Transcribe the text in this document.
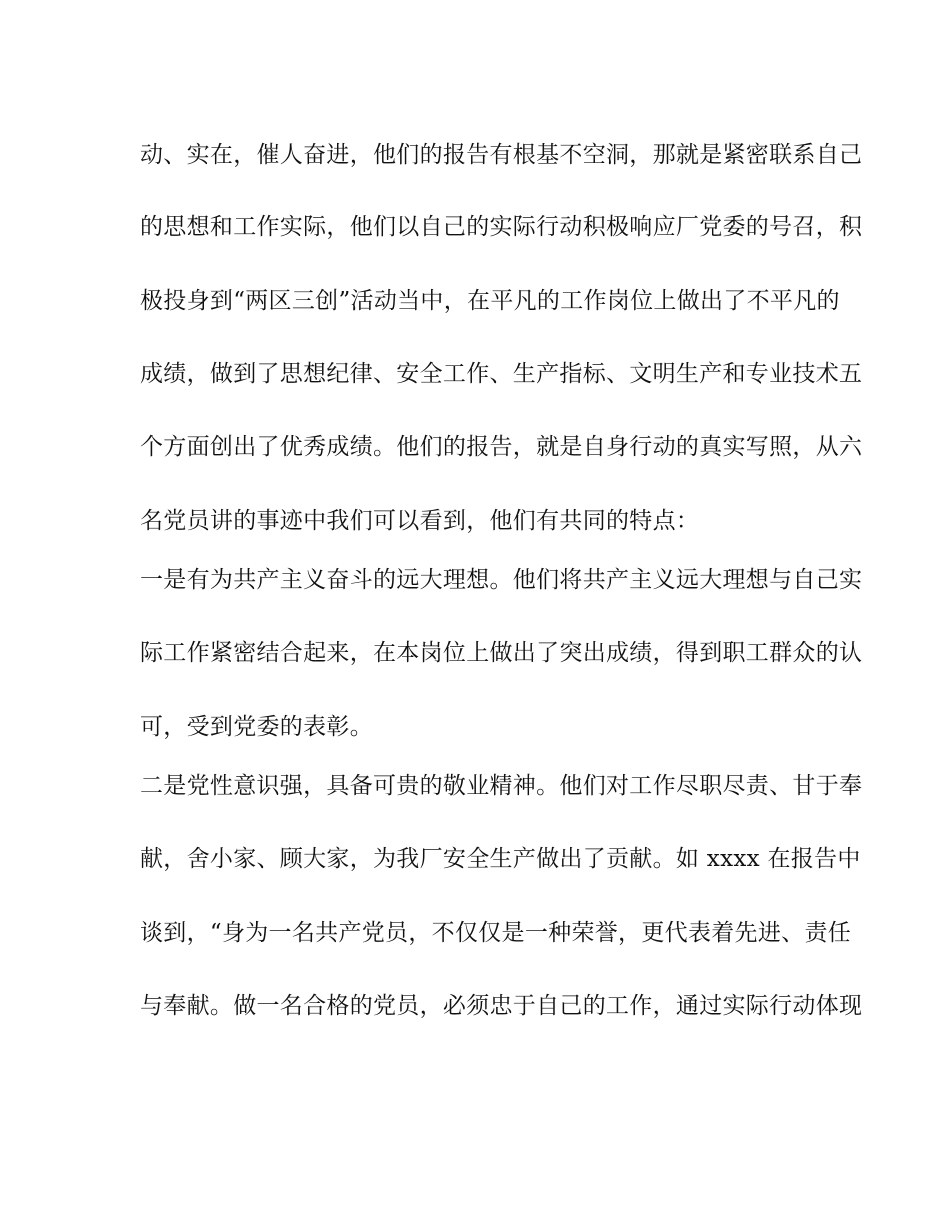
动、实在，催人奋进，他们的报告有根基不空洞，那就是紧密联系自己
的思想和工作实际，他们以自己的实际行动积极响应厂党委的号召，积
极投身到“两区三创”活动当中，在平凡的工作岗位上做出了不平凡的
成绩，做到了思想纪律、安全工作、生产指标、文明生产和专业技术五
个方面创出了优秀成绩。他们的报告，就是自身行动的真实写照，从六
名党员讲的事迹中我们可以看到，他们有共同的特点：
一是有为共产主义奋斗的远大理想。他们将共产主义远大理想与自己实
际工作紧密结合起来，在本岗位上做出了突出成绩，得到职工群众的认
可，受到党委的表彰。
二是党性意识强，具备可贵的敬业精神。他们对工作尽职尽责、甘于奉
献，舍小家、顾大家，为我厂安全生产做出了贡献。如 xxxx 在报告中
谈到，“身为一名共产党员，不仅仅是一种荣誉，更代表着先进、责任
与奉献。做一名合格的党员，必须忠于自己的工作，通过实际行动体现
